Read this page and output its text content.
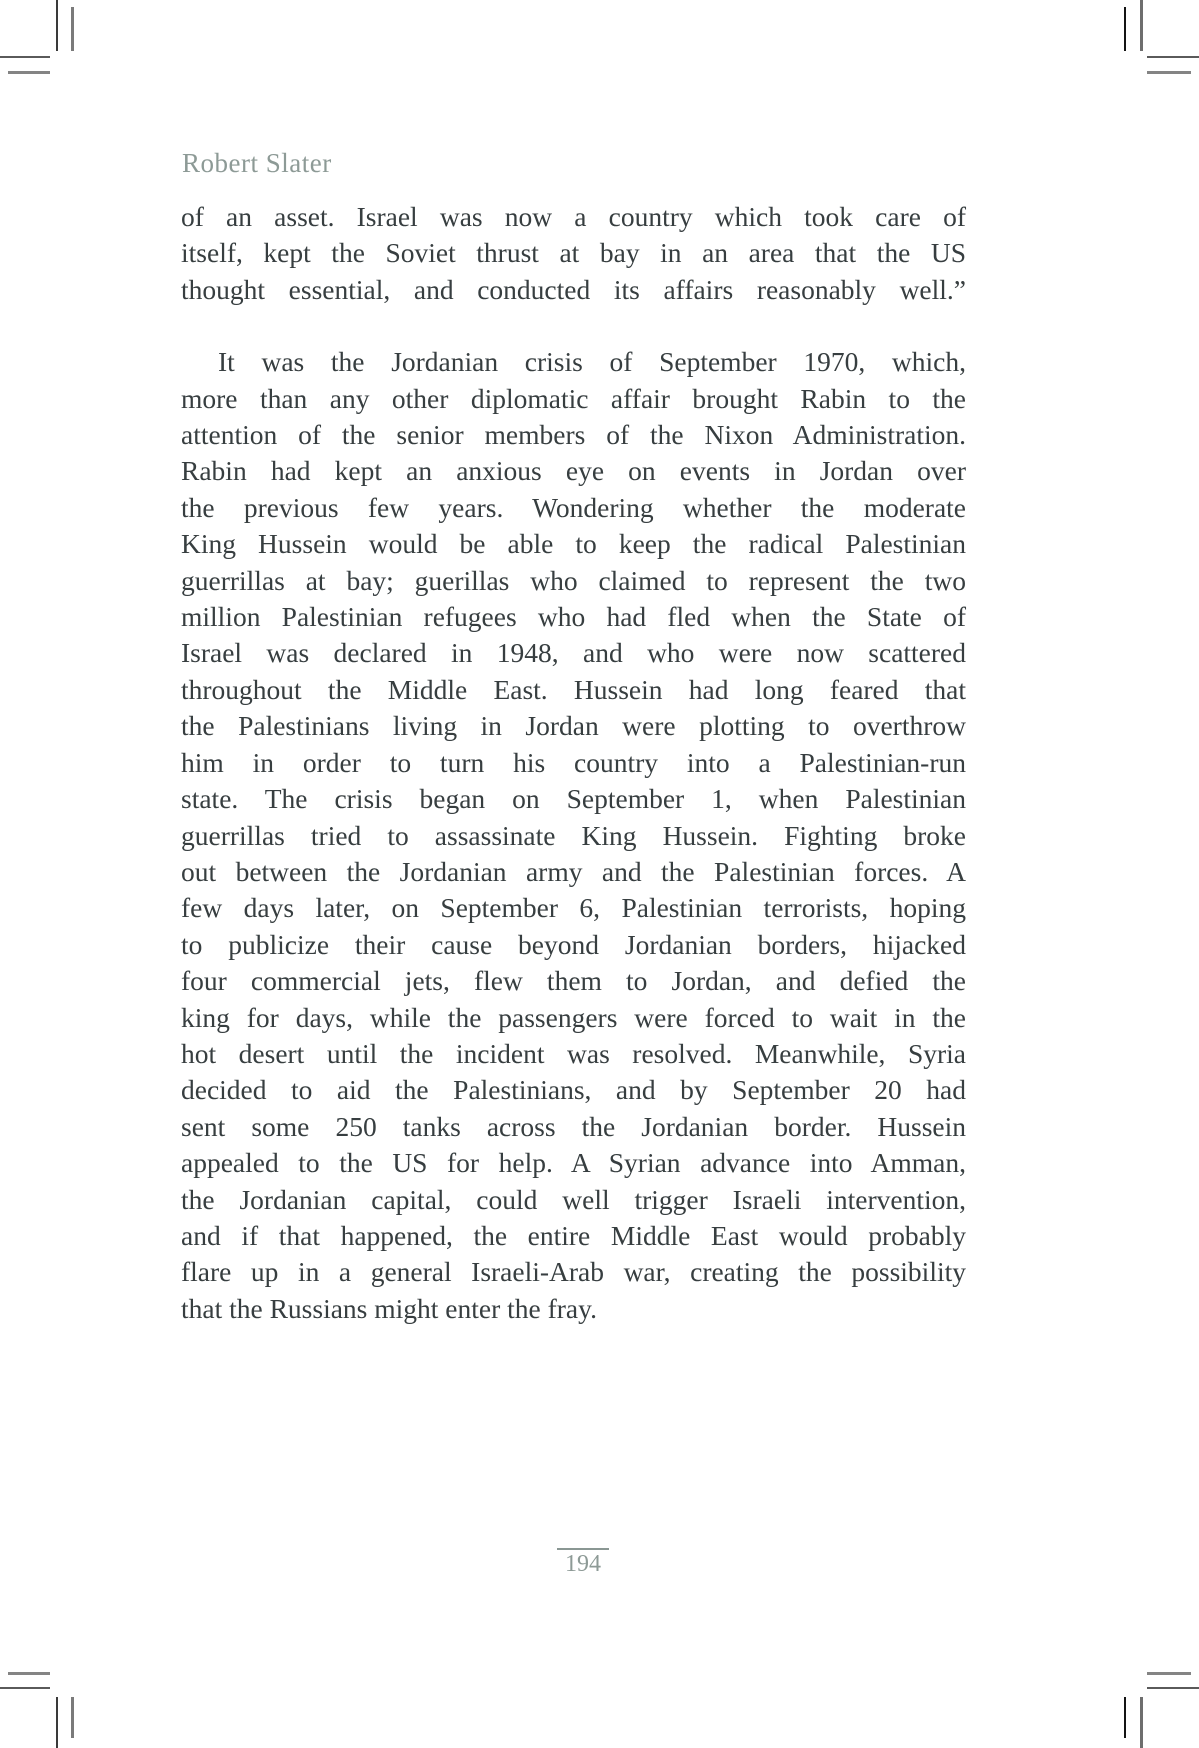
Robert Slater

of an asset. Israel was now a country which took care of
itself, kept the Soviet thrust at bay in an area that the US
thought essential, and conducted its affairs reasonably well.”

It was the Jordanian crisis of September 1970, which,
more than any other diplomatic affair brought Rabin to the
attention of the senior members of the Nixon Administration.
Rabin had kept an anxious eye on events in Jordan over
the previous few years. Wondering whether the moderate
King Hussein would be able to keep the radical Palestinian
guerrillas at bay; guerillas who claimed to represent the two
million Palestinian refugees who had fled when the State of
Israel was declared in 1948, and who were now scattered
throughout the Middle East. Hussein had long feared that
the Palestinians living in Jordan were plotting to overthrow
him in order to turn his country into a Palestinian-run
state. The crisis began on September 1, when Palestinian
guerrillas tried to assassinate King Hussein. Fighting broke
out between the Jordanian army and the Palestinian forces. A
few days later, on September 6, Palestinian terrorists, hoping
to publicize their cause beyond Jordanian borders, hijacked
four commercial jets, flew them to Jordan, and defied the
king for days, while the passengers were forced to wait in the
hot desert until the incident was resolved. Meanwhile, Syria
decided to aid the Palestinians, and by September 20 had
sent some 250 tanks across the Jordanian border. Hussein
appealed to the US for help. A Syrian advance into Amman,
the Jordanian capital, could well trigger Israeli intervention,
and if that happened, the entire Middle East would probably
flare up in a general Israeli-Arab war, creating the possibility
that the Russians might enter the fray.

194
